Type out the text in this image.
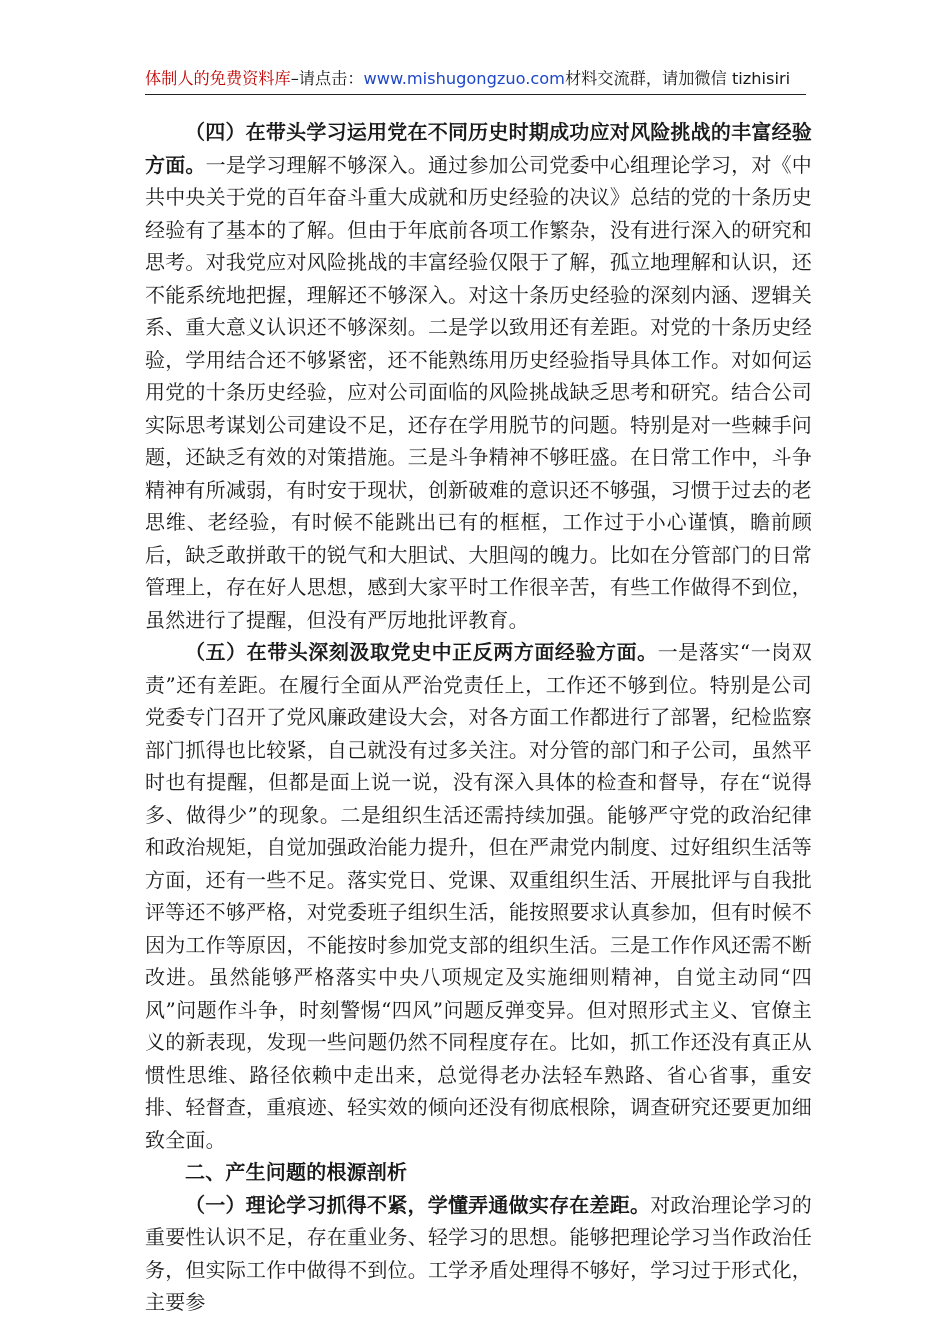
体制人的免费资料库–请点击：www.mishugongzuo.com材料交流群，请加微信 tizhisiri

（四）在带头学习运用党在不同历史时期成功应对风险挑战的丰富经验方面。一是学习理解不够深入。通过参加公司党委中心组理论学习，对《中共中央关于党的百年奋斗重大成就和历史经验的决议》总结的党的十条历史经验有了基本的了解。但由于年底前各项工作繁杂，没有进行深入的研究和思考。对我党应对风险挑战的丰富经验仅限于了解，孤立地理解和认识，还不能系统地把握，理解还不够深入。对这十条历史经验的深刻内涵、逻辑关系、重大意义认识还不够深刻。二是学以致用还有差距。对党的十条历史经验，学用结合还不够紧密，还不能熟练用历史经验指导具体工作。对如何运用党的十条历史经验，应对公司面临的风险挑战缺乏思考和研究。结合公司实际思考谋划公司建设不足，还存在学用脱节的问题。特别是对一些棘手问题，还缺乏有效的对策措施。三是斗争精神不够旺盛。在日常工作中，斗争精神有所减弱，有时安于现状，创新破难的意识还不够强，习惯于过去的老思维、老经验，有时候不能跳出已有的框框，工作过于小心谨慎，瞻前顾后，缺乏敢拼敢干的锐气和大胆试、大胆闯的魄力。比如在分管部门的日常管理上，存在好人思想，感到大家平时工作很辛苦，有些工作做得不到位，虽然进行了提醒，但没有严厉地批评教育。

（五）在带头深刻汲取党史中正反两方面经验方面。一是落实“一岗双责”还有差距。在履行全面从严治党责任上，工作还不够到位。特别是公司党委专门召开了党风廉政建设大会，对各方面工作都进行了部署，纪检监察部门抓得也比较紧，自己就没有过多关注。对分管的部门和子公司，虽然平时也有提醒，但都是面上说一说，没有深入具体的检查和督导，存在“说得多、做得少”的现象。二是组织生活还需持续加强。能够严守党的政治纪律和政治规矩，自觉加强政治能力提升，但在严肃党内制度、过好组织生活等方面，还有一些不足。落实党日、党课、双重组织生活、开展批评与自我批评等还不够严格，对党委班子组织生活，能按照要求认真参加，但有时候不因为工作等原因，不能按时参加党支部的组织生活。三是工作作风还需不断改进。虽然能够严格落实中央八项规定及实施细则精神，自觉主动同“四风”问题作斗争，时刻警惕“四风”问题反弹变异。但对照形式主义、官僚主义的新表现，发现一些问题仍然不同程度存在。比如，抓工作还没有真正从惯性思维、路径依赖中走出来，总觉得老办法轻车熟路、省心省事，重安排、轻督查，重痕迹、轻实效的倾向还没有彻底根除，调查研究还要更加细致全面。

二、产生问题的根源剖析

（一）理论学习抓得不紧，学懂弄通做实存在差距。对政治理论学习的重要性认识不足，存在重业务、轻学习的思想。能够把理论学习当作政治任务，但实际工作中做得不到位。工学矛盾处理得不够好，学习过于形式化，主要参
